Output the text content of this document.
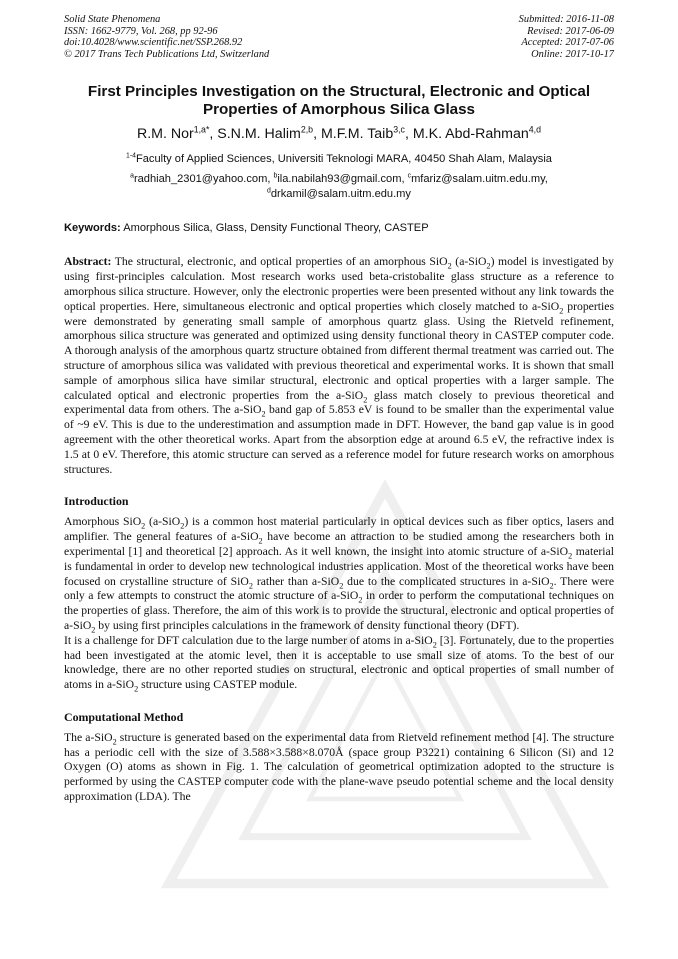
Solid State Phenomena
ISSN: 1662-9779, Vol. 268, pp 92-96
doi:10.4028/www.scientific.net/SSP.268.92
© 2017 Trans Tech Publications Ltd, Switzerland
Submitted: 2016-11-08
Revised: 2017-06-09
Accepted: 2017-07-06
Online: 2017-10-17
First Principles Investigation on the Structural, Electronic and Optical
Properties of Amorphous Silica Glass
R.M. Nor$^{1,a*}$, S.N.M. Halim$^{2,b}$, M.F.M. Taib$^{3,c}$, M.K. Abd-Rahman$^{4,d}$
$^{1-4}$Faculty of Applied Sciences, Universiti Teknologi MARA, 40450 Shah Alam, Malaysia
$^a$radhiah_2301@yahoo.com, $^b$ila.nabilah93@gmail.com, $^c$mfariz@salam.uitm.edu.my,
$^d$drkamil@salam.uitm.edu.my
Keywords: Amorphous Silica, Glass, Density Functional Theory, CASTEP

Abstract: The structural, electronic, and optical properties of an amorphous SiO$_2$ (a-SiO$_2$) model is investigated by using first-principles calculation. Most research works used beta-cristobalite glass structure as a reference to amorphous silica structure. However, only the electronic properties were been presented without any link towards the optical properties. Here, simultaneous electronic and optical properties which closely matched to a-SiO$_2$ properties were demonstrated by generating small sample of amorphous quartz glass. Using the Rietveld refinement, amorphous silica structure was generated and optimized using density functional theory in CASTEP computer code. A thorough analysis of the amorphous quartz structure obtained from different thermal treatment was carried out. The structure of amorphous silica was validated with previous theoretical and experimental works. It is shown that small sample of amorphous silica have similar structural, electronic and optical properties with a larger sample. The calculated optical and electronic properties from the a-SiO$_2$ glass match closely to previous theoretical and experimental data from others. The a-SiO$_2$ band gap of 5.853 eV is found to be smaller than the experimental value of ~9 eV. This is due to the underestimation and assumption made in DFT. However, the band gap value is in good agreement with the other theoretical works. Apart from the absorption edge at around 6.5 eV, the refractive index is 1.5 at 0 eV. Therefore, this atomic structure can served as a reference model for future research works on amorphous structures.

Introduction

Amorphous SiO$_2$ (a-SiO$_2$) is a common host material particularly in optical devices such as fiber optics, lasers and amplifier. The general features of a-SiO$_2$ have become an attraction to be studied among the researchers both in experimental [1] and theoretical [2] approach. As it well known, the insight into atomic structure of a-SiO$_2$ material is fundamental in order to develop new technological industries application. Most of the theoretical works have been focused on crystalline structure of SiO$_2$ rather than a-SiO$_2$ due to the complicated structures in a-SiO$_2$. There were only a few attempts to construct the atomic structure of a-SiO$_2$ in order to perform the computational techniques on the properties of glass. Therefore, the aim of this work is to provide the structural, electronic and optical properties of a-SiO$_2$ by using first principles calculations in the framework of density functional theory (DFT).

It is a challenge for DFT calculation due to the large number of atoms in a-SiO$_2$ [3]. Fortunately, due to the properties had been investigated at the atomic level, then it is acceptable to use small size of atoms. To the best of our knowledge, there are no other reported studies on structural, electronic and optical properties of small number of atoms in a-SiO$_2$ structure using CASTEP module.

Computational Method

The a-SiO$_2$ structure is generated based on the experimental data from Rietveld refinement method [4]. The structure has a periodic cell with the size of 3.588×3.588×8.070Å (space group P3221) containing 6 Silicon (Si) and 12 Oxygen (O) atoms as shown in Fig. 1. The calculation of geometrical optimization adopted to the structure is performed by using the CASTEP computer code with the plane-wave pseudo potential scheme and the local density approximation (LDA). The
